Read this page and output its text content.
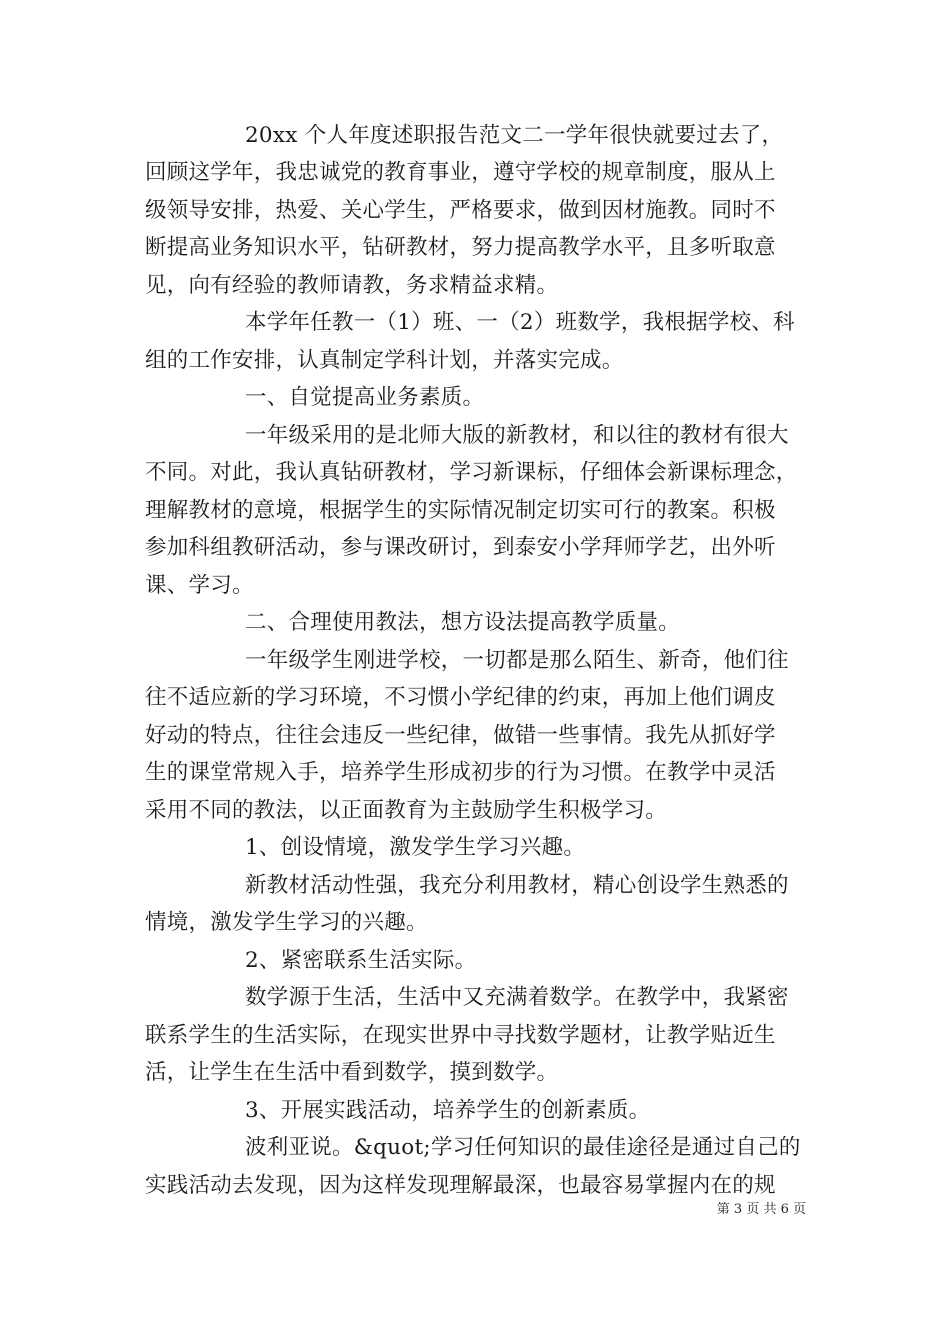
20xx 个人年度述职报告范文二一学年很快就要过去了，
回顾这学年，我忠诚党的教育事业，遵守学校的规章制度，服从上
级领导安排，热爱、关心学生，严格要求，做到因材施教。同时不
断提高业务知识水平，钻研教材，努力提高教学水平，且多听取意
见，向有经验的教师请教，务求精益求精。
本学年任教一（1）班、一（2）班数学，我根据学校、科
组的工作安排，认真制定学科计划，并落实完成。
一、自觉提高业务素质。
一年级采用的是北师大版的新教材，和以往的教材有很大
不同。对此，我认真钻研教材，学习新课标，仔细体会新课标理念，
理解教材的意境，根据学生的实际情况制定切实可行的教案。积极
参加科组教研活动，参与课改研讨，到泰安小学拜师学艺，出外听
课、学习。
二、合理使用教法，想方设法提高教学质量。
一年级学生刚进学校，一切都是那么陌生、新奇，他们往
往不适应新的学习环境，不习惯小学纪律的约束，再加上他们调皮
好动的特点，往往会违反一些纪律，做错一些事情。我先从抓好学
生的课堂常规入手，培养学生形成初步的行为习惯。在教学中灵活
采用不同的教法，以正面教育为主鼓励学生积极学习。
1、创设情境，激发学生学习兴趣。
新教材活动性强，我充分利用教材，精心创设学生熟悉的
情境，激发学生学习的兴趣。
2、紧密联系生活实际。
数学源于生活，生活中又充满着数学。在教学中，我紧密
联系学生的生活实际，在现实世界中寻找数学题材，让教学贴近生
活，让学生在生活中看到数学，摸到数学。
3、开展实践活动，培养学生的创新素质。
波利亚说。&quot;学习任何知识的最佳途径是通过自己的
实践活动去发现，因为这样发现理解最深，也最容易掌握内在的规
第 3 页 共 6 页
